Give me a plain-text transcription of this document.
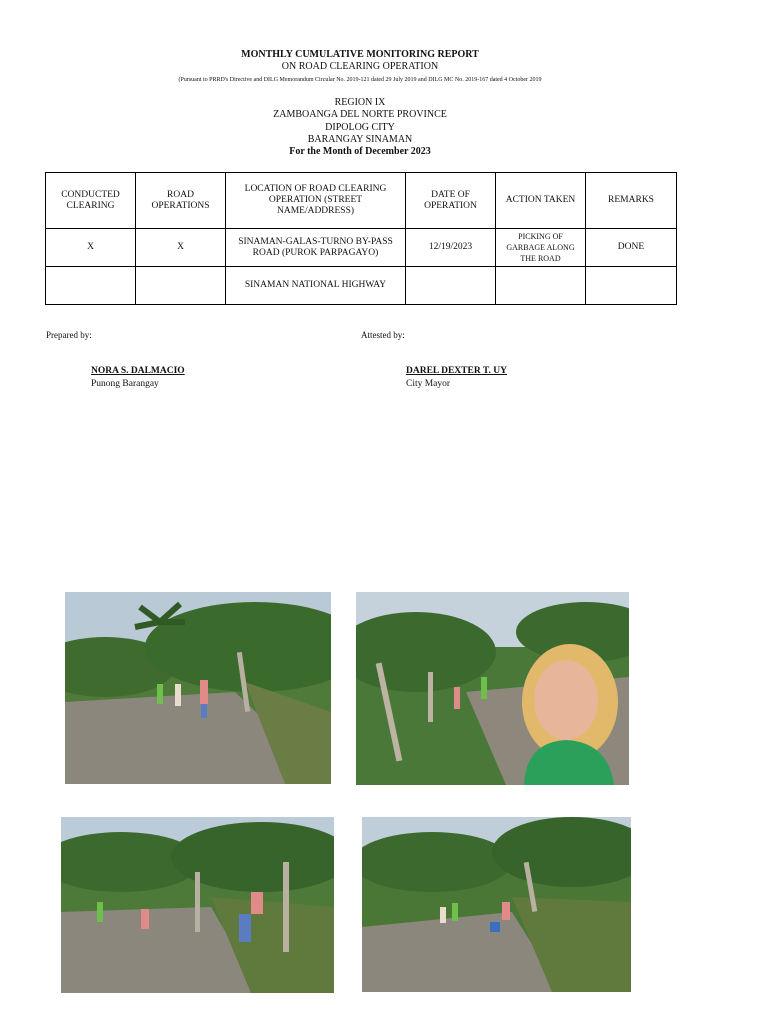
MONTHLY CUMULATIVE MONITORING REPORT
ON ROAD CLEARING OPERATION
(Pursuant to PRRD's Directive and DILG Memorandum Circular No. 2019-121 dated 29 July 2019 and DILG MC No. 2019-167 dated 4 October 2019
REGION IX
ZAMBOANGA DEL NORTE PROVINCE
DIPOLOG CITY
BARANGAY SINAMAN
For the Month of December 2023
CONDUCTED CLEARING	ROAD OPERATIONS	LOCATION OF ROAD CLEARING OPERATION (STREET NAME/ADDRESS)	DATE OF OPERATION	ACTION TAKEN	REMARKS
X	X	SINAMAN-GALAS-TURNO BY-PASS ROAD (PUROK PARPAGAYO)	12/19/2023	PICKING OF GARBAGE ALONG THE ROAD	DONE
		SINAMAN NATIONAL HIGHWAY			
Prepared by:
NORA S. DALMACIO
Punong Barangay
Attested by:
DAREL DEXTER T. UY
City Mayor
